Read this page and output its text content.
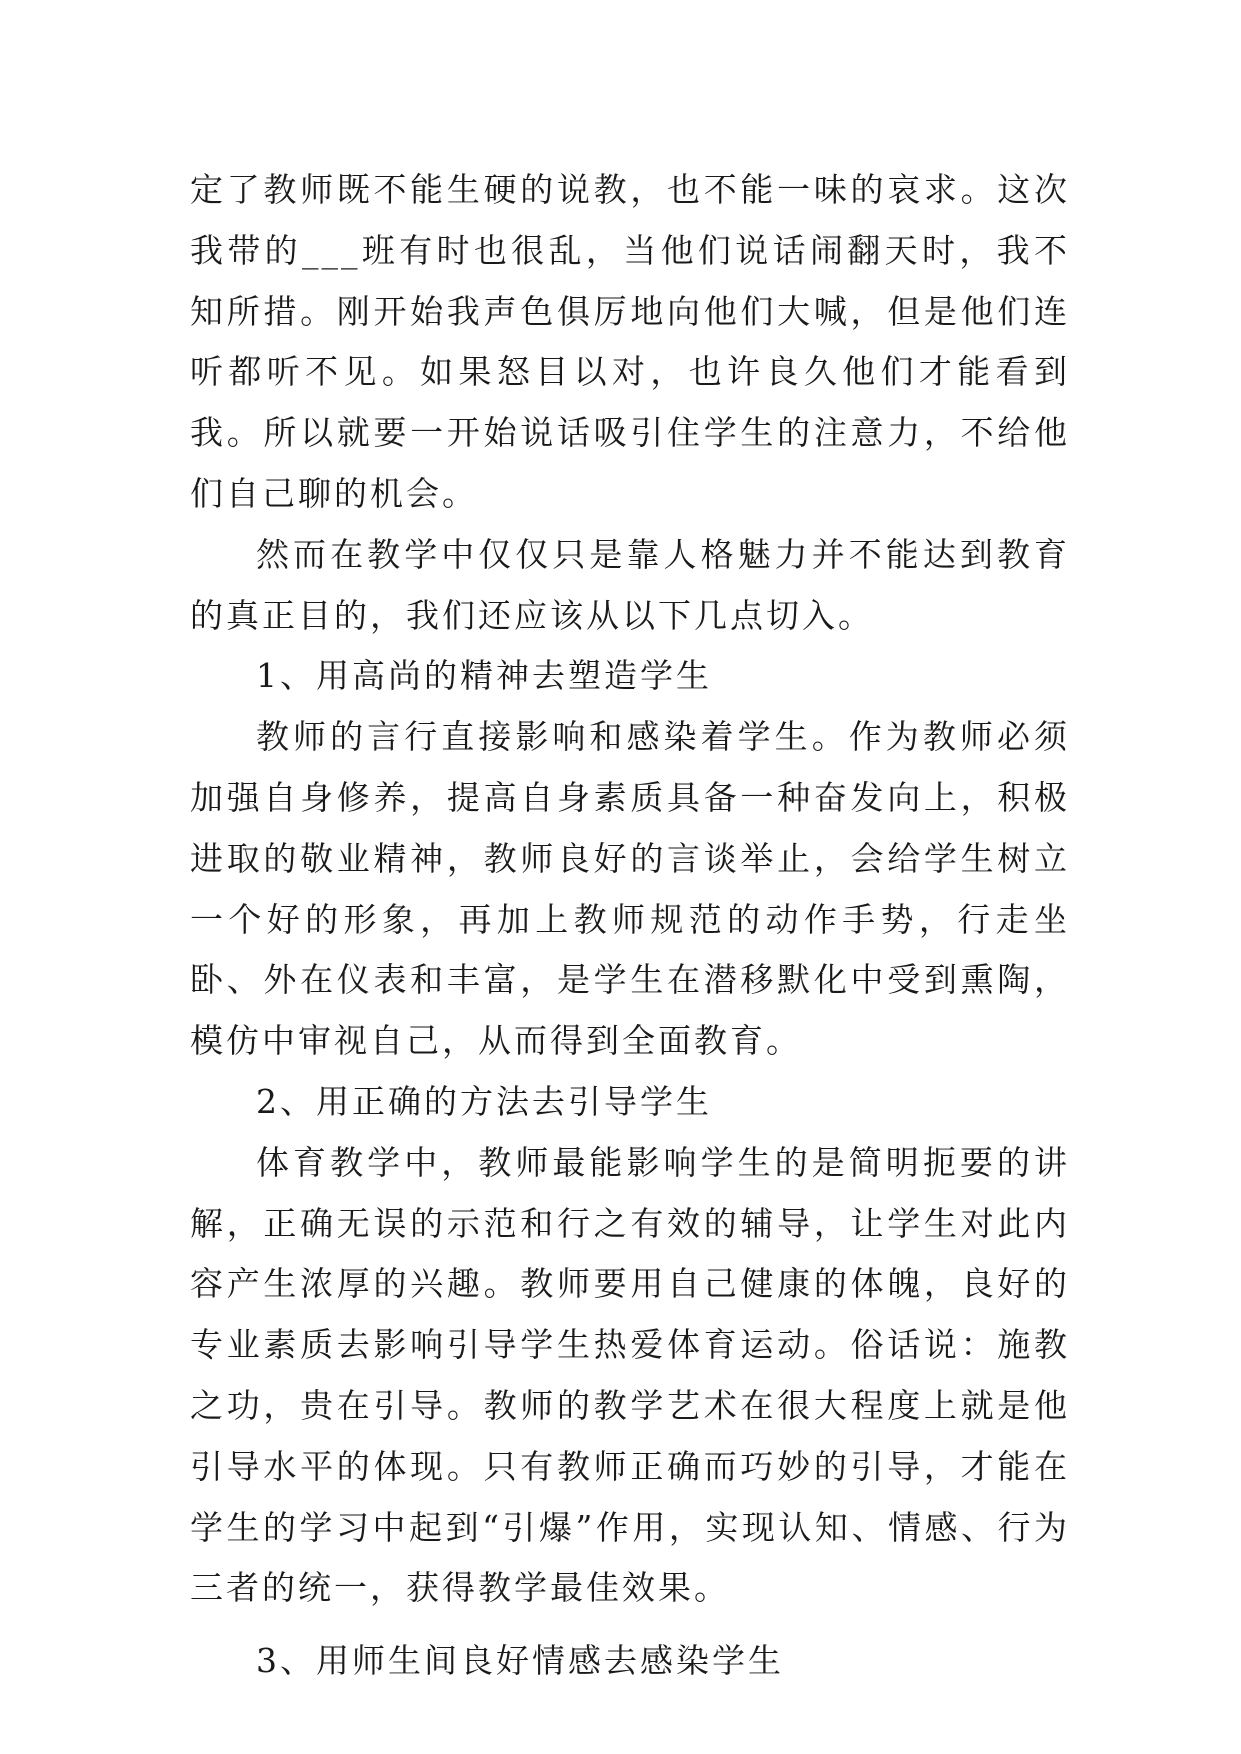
定了教师既不能生硬的说教，也不能一味的哀求。这次我带的___班有时也很乱，当他们说话闹翻天时，我不知所措。刚开始我声色俱厉地向他们大喊，但是他们连听都听不见。如果怒目以对，也许良久他们才能看到我。所以就要一开始说话吸引住学生的注意力，不给他们自己聊的机会。

然而在教学中仅仅只是靠人格魅力并不能达到教育的真正目的，我们还应该从以下几点切入。

1、用高尚的精神去塑造学生

教师的言行直接影响和感染着学生。作为教师必须加强自身修养，提高自身素质具备一种奋发向上，积极进取的敬业精神，教师良好的言谈举止，会给学生树立一个好的形象，再加上教师规范的动作手势，行走坐卧、外在仪表和丰富，是学生在潜移默化中受到熏陶，模仿中审视自己，从而得到全面教育。

2、用正确的方法去引导学生

体育教学中，教师最能影响学生的是简明扼要的讲解，正确无误的示范和行之有效的辅导，让学生对此内容产生浓厚的兴趣。教师要用自己健康的体魄，良好的专业素质去影响引导学生热爱体育运动。俗话说：施教之功，贵在引导。教师的教学艺术在很大程度上就是他引导水平的体现。只有教师正确而巧妙的引导，才能在学生的学习中起到“引爆”作用，实现认知、情感、行为三者的统一，获得教学最佳效果。

3、用师生间良好情感去感染学生
